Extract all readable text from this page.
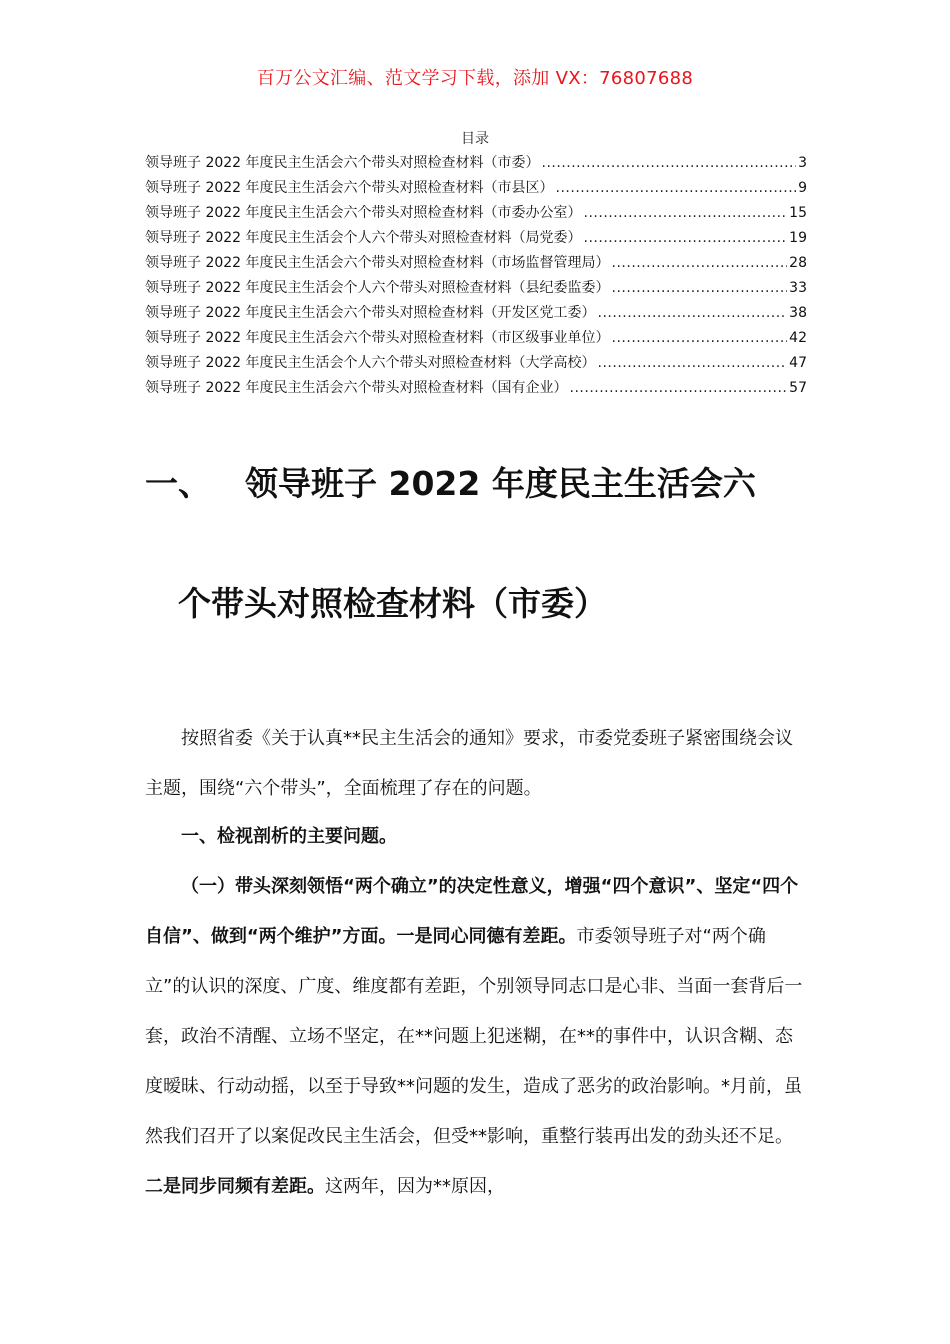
百万公文汇编、范文学习下载，添加 VX：76807688
目录
领导班子 2022 年度民主生活会六个带头对照检查材料（市委） .....	3
领导班子 2022 年度民主生活会六个带头对照检查材料（市县区） .....	9
领导班子 2022 年度民主生活会六个带头对照检查材料（市委办公室） .....	15
领导班子 2022 年度民主生活会个人六个带头对照检查材料（局党委） .....	19
领导班子 2022 年度民主生活会六个带头对照检查材料（市场监督管理局） .....	28
领导班子 2022 年度民主生活会个人六个带头对照检查材料（县纪委监委） .....	33
领导班子 2022 年度民主生活会六个带头对照检查材料（开发区党工委） .....	38
领导班子 2022 年度民主生活会六个带头对照检查材料（市区级事业单位） .....	42
领导班子 2022 年度民主生活会个人六个带头对照检查材料（大学高校） .....	47
领导班子 2022 年度民主生活会六个带头对照检查材料（国有企业） .....	57
一、 领导班子 2022 年度民主生活会六
个带头对照检查材料（市委）

按照省委《关于认真**民主生活会的通知》要求，市委党委班子紧密围绕会议主题，围绕“六个带头”，全面梳理了存在的问题。

一、检视剖析的主要问题。

（一）带头深刻领悟“两个确立”的决定性意义，增强“四个意识”、坚定“四个自信”、做到“两个维护”方面。一是同心同德有差距。市委领导班子对“两个确立”的认识的深度、广度、维度都有差距，个别领导同志口是心非、当面一套背后一套，政治不清醒、立场不坚定，在**问题上犯迷糊，在**的事件中，认识含糊、态度暧昧、行动动摇，以至于导致**问题的发生，造成了恶劣的政治影响。*月前，虽然我们召开了以案促改民主生活会，但受**影响，重整行装再出发的劲头还不足。二是同步同频有差距。这两年，因为**原因，
